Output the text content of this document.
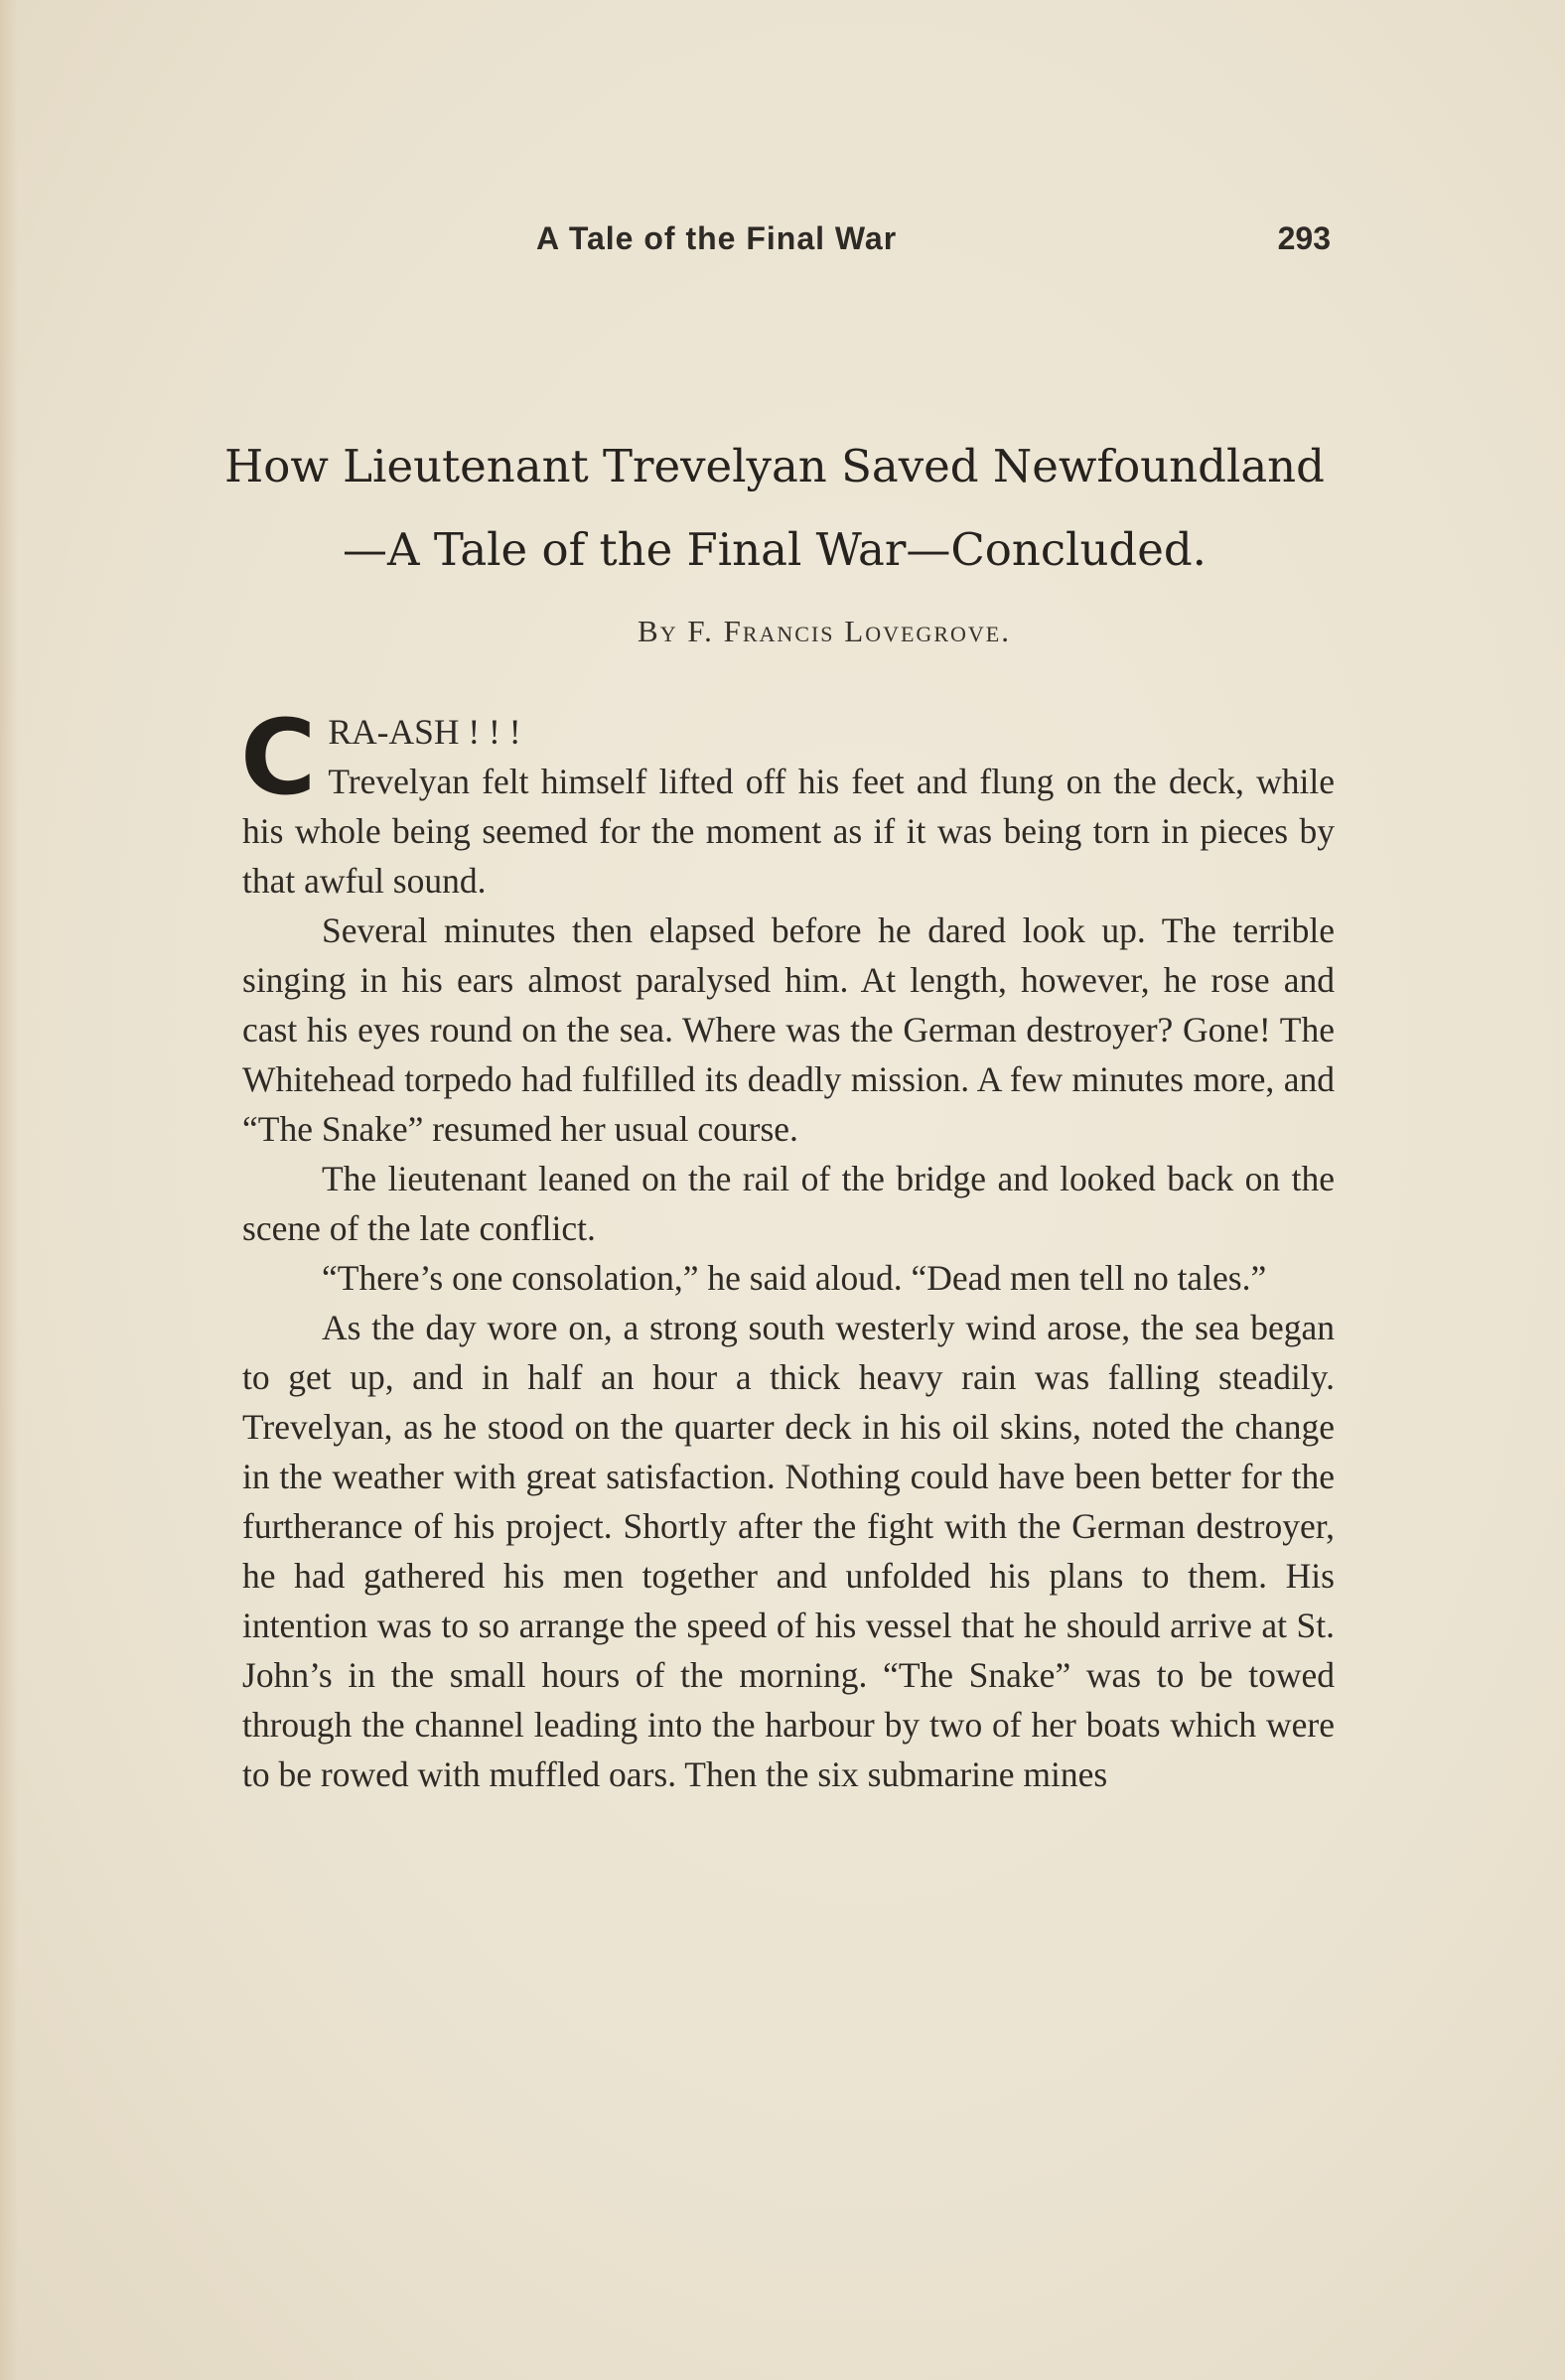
A Tale of the Final War	293
How Lieutenant Trevelyan Saved Newfoundland
—A Tale of the Final War—Concluded.
By F. Francis Lovegrove.

C RA-ASH ! ! !
Trevelyan felt himself lifted off his feet and flung on the deck, while his whole being seemed for the moment as if it was being torn in pieces by that awful sound.

Several minutes then elapsed before he dared look up. The terrible singing in his ears almost paralysed him. At length, however, he rose and cast his eyes round on the sea. Where was the German destroyer? Gone! The Whitehead torpedo had fulfilled its deadly mission. A few minutes more, and “The Snake” resumed her usual course.

The lieutenant leaned on the rail of the bridge and looked back on the scene of the late conflict.

“There’s one consolation,” he said aloud. “Dead men tell no tales.”

As the day wore on, a strong south westerly wind arose, the sea began to get up, and in half an hour a thick heavy rain was falling steadily. Trevelyan, as he stood on the quarter deck in his oil skins, noted the change in the weather with great satisfaction. Nothing could have been better for the furtherance of his project. Shortly after the fight with the German destroyer, he had gathered his men together and unfolded his plans to them. His intention was to so arrange the speed of his vessel that he should arrive at St. John’s in the small hours of the morning. “The Snake” was to be towed through the channel leading into the harbour by two of her boats which were to be rowed with muffled oars. Then the six submarine mines
